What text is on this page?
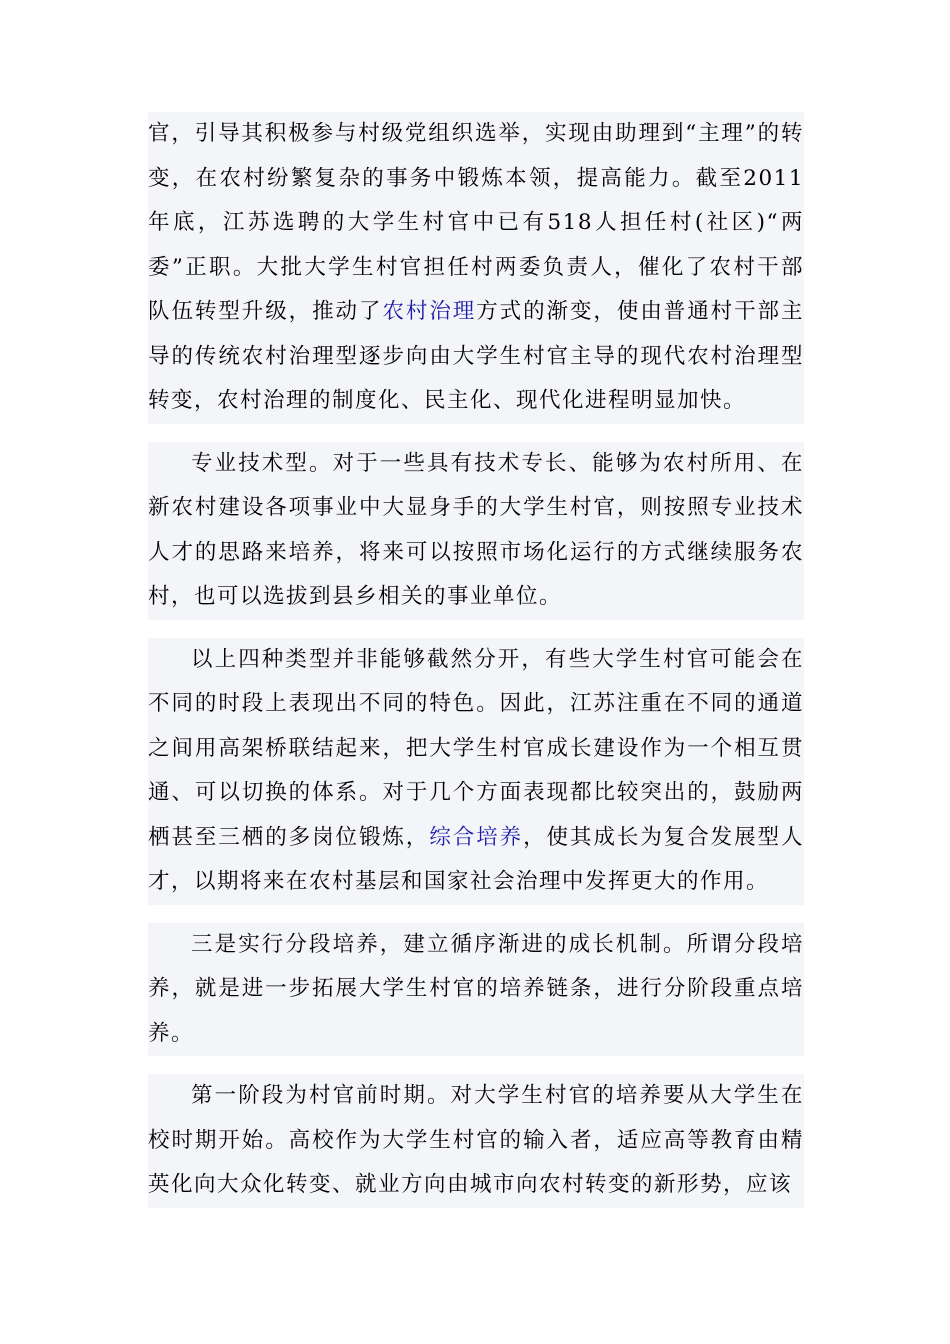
官，引导其积极参与村级党组织选举，实现由助理到“主理”的转变，在农村纷繁复杂的事务中锻炼本领，提高能力。截至2011年底，江苏选聘的大学生村官中已有518人担任村(社区)“两委”正职。大批大学生村官担任村两委负责人，催化了农村干部队伍转型升级，推动了农村治理方式的渐变，使由普通村干部主导的传统农村治理型逐步向由大学生村官主导的现代农村治理型转变，农村治理的制度化、民主化、现代化进程明显加快。

专业技术型。对于一些具有技术专长、能够为农村所用、在新农村建设各项事业中大显身手的大学生村官，则按照专业技术人才的思路来培养，将来可以按照市场化运行的方式继续服务农村，也可以选拔到县乡相关的事业单位。

以上四种类型并非能够截然分开，有些大学生村官可能会在不同的时段上表现出不同的特色。因此，江苏注重在不同的通道之间用高架桥联结起来，把大学生村官成长建设作为一个相互贯通、可以切换的体系。对于几个方面表现都比较突出的，鼓励两栖甚至三栖的多岗位锻炼，综合培养，使其成长为复合发展型人才，以期将来在农村基层和国家社会治理中发挥更大的作用。

三是实行分段培养，建立循序渐进的成长机制。所谓分段培养，就是进一步拓展大学生村官的培养链条，进行分阶段重点培养。

第一阶段为村官前时期。对大学生村官的培养要从大学生在校时期开始。高校作为大学生村官的输入者，适应高等教育由精英化向大众化转变、就业方向由城市向农村转变的新形势，应该
